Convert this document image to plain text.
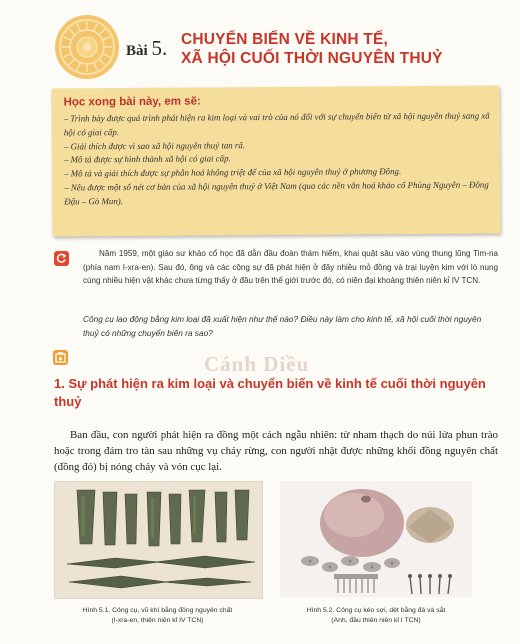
Bài 5. CHUYỂN BIẾN VỀ KINH TẾ,
XÃ HỘI CUỐI THỜI NGUYÊN THUỶ
Học xong bài này, em sẽ:
– Trình bày được quá trình phát hiện ra kim loại và vai trò của nó đối với sự chuyển biến từ xã hội nguyên thuỷ sang xã hội có giai cấp.
– Giải thích được vì sao xã hội nguyên thuỷ tan rã.
– Mô tả được sự hình thành xã hội có giai cấp.
– Mô tả và giải thích được sự phân hoá không triệt để của xã hội nguyên thuỷ ở phương Đông.
– Nêu được một số nét cơ bản của xã hội nguyên thuỷ ở Việt Nam (qua các nền văn hoá khảo cổ Phùng Nguyên – Đồng Đậu – Gò Mun).
Năm 1959, một giáo sư khảo cổ học đã dẫn đầu đoàn thám hiểm, khai quật sâu vào vùng thung lũng Tim-na (phía nam I-xra-en). Sau đó, ông và các cộng sự đã phát hiện ở đây nhiều mỏ đồng và trại luyện kim với lò nung cùng nhiều hiện vật khác chưa từng thấy ở đâu trên thế giới trước đó, có niên đại khoảng thiên niên kỉ IV TCN.
Công cụ lao động bằng kim loại đã xuất hiện như thế nào? Điều này làm cho kinh tế, xã hội cuối thời nguyên thuỷ có những chuyển biến ra sao?
Cánh Diều
1. Sự phát hiện ra kim loại và chuyển biến về kinh tế cuối thời nguyên thuỷ
Ban đầu, con người phát hiện ra đồng một cách ngẫu nhiên: từ nham thạch do núi lửa phun trào hoặc trong đám tro tàn sau những vụ cháy rừng, con người nhặt được những khối đồng nguyên chất (đồng đỏ) bị nóng chảy và vón cục lại.
Hình 5.1. Công cụ, vũ khí bằng đồng nguyên chất
(I-xra-en, thiên niên kỉ IV TCN)
Hình 5.2. Công cụ kéo sợi, dệt bằng đá và sắt
(Anh, đầu thiên niên kỉ I TCN)
